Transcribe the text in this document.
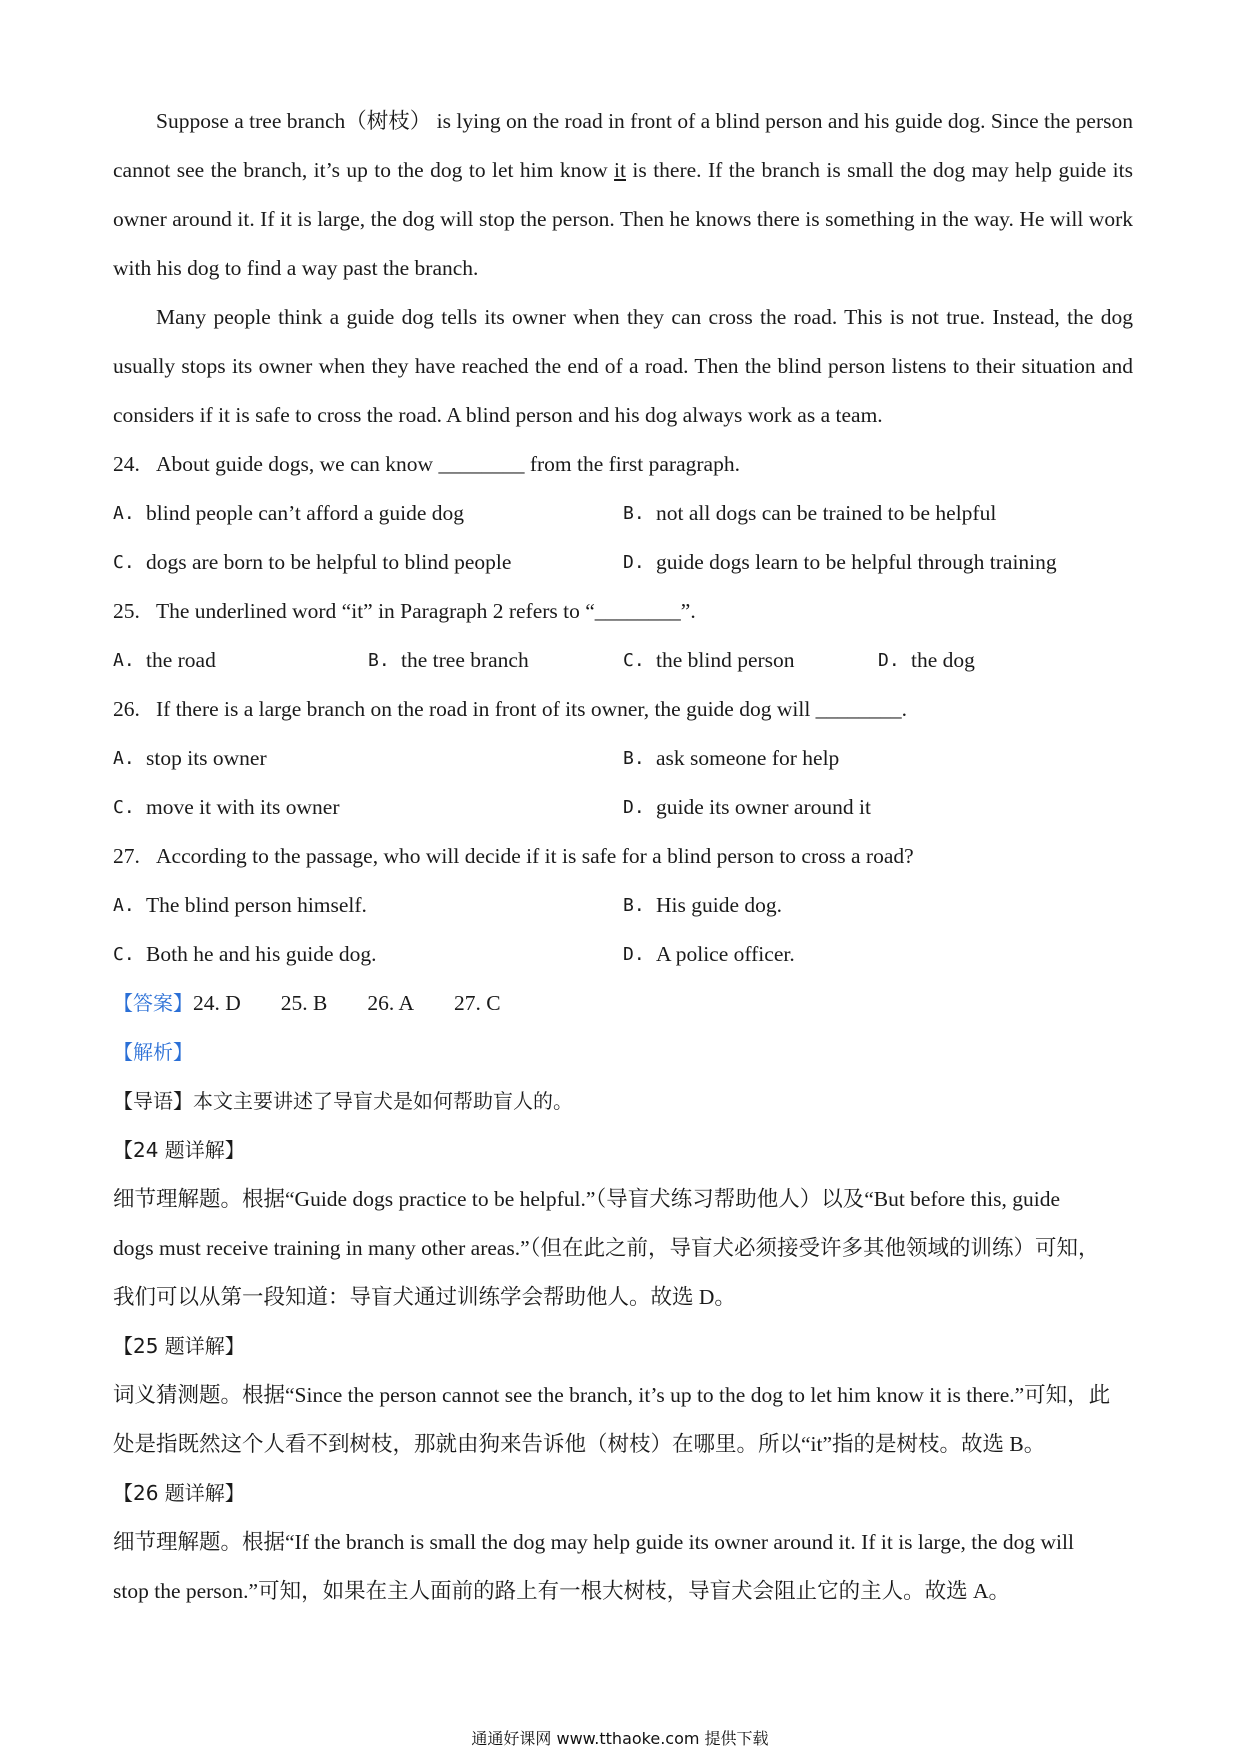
Suppose a tree branch（树枝） is lying on the road in front of a blind person and his guide dog. Since the person cannot see the branch, it’s up to the dog to let him know it is there. If the branch is small the dog may help guide its owner around it. If it is large, the dog will stop the person. Then he knows there is something in the way. He will work with his dog to find a way past the branch.

Many people think a guide dog tells its owner when they can cross the road. This is not true. Instead, the dog usually stops its owner when they have reached the end of a road. Then the blind person listens to their situation and considers if it is safe to cross the road. A blind person and his dog always work as a team.

24. About guide dogs, we can know ________ from the first paragraph.

A. blind people can’t afford a guide dog	B. not all dogs can be trained to be helpful
C. dogs are born to be helpful to blind people	D. guide dogs learn to be helpful through training

25. The underlined word “it” in Paragraph 2 refers to “________”.

A. the road	B. the tree branch	C. the blind person	D. the dog

26. If there is a large branch on the road in front of its owner, the guide dog will ________.

A. stop its owner	B. ask someone for help
C. move it with its owner	D. guide its owner around it

27. According to the passage, who will decide if it is safe for a blind person to cross a road?

A. The blind person himself.	B. His guide dog.
C. Both he and his guide dog.	D. A police officer.

【答案】24. D 25. B 26. A 27. C

【解析】

【导语】本文主要讲述了导盲犬是如何帮助盲人的。

【24 题详解】

细节理解题。根据“Guide dogs practice to be helpful.”（导盲犬练习帮助他人）以及“But before this, guide

dogs must receive training in many other areas.”（但在此之前，导盲犬必须接受许多其他领域的训练）可知，

我们可以从第一段知道：导盲犬通过训练学会帮助他人。故选 D。

【25 题详解】

词义猜测题。根据“Since the person cannot see the branch, it’s up to the dog to let him know it is there.”可知，此

处是指既然这个人看不到树枝，那就由狗来告诉他（树枝）在哪里。所以“it”指的是树枝。故选 B。

【26 题详解】

细节理解题。根据“If the branch is small the dog may help guide its owner around it. If it is large, the dog will

stop the person.”可知，如果在主人面前的路上有一根大树枝，导盲犬会阻止它的主人。故选 A。

通通好课网 www.tthaoke.com 提供下载
